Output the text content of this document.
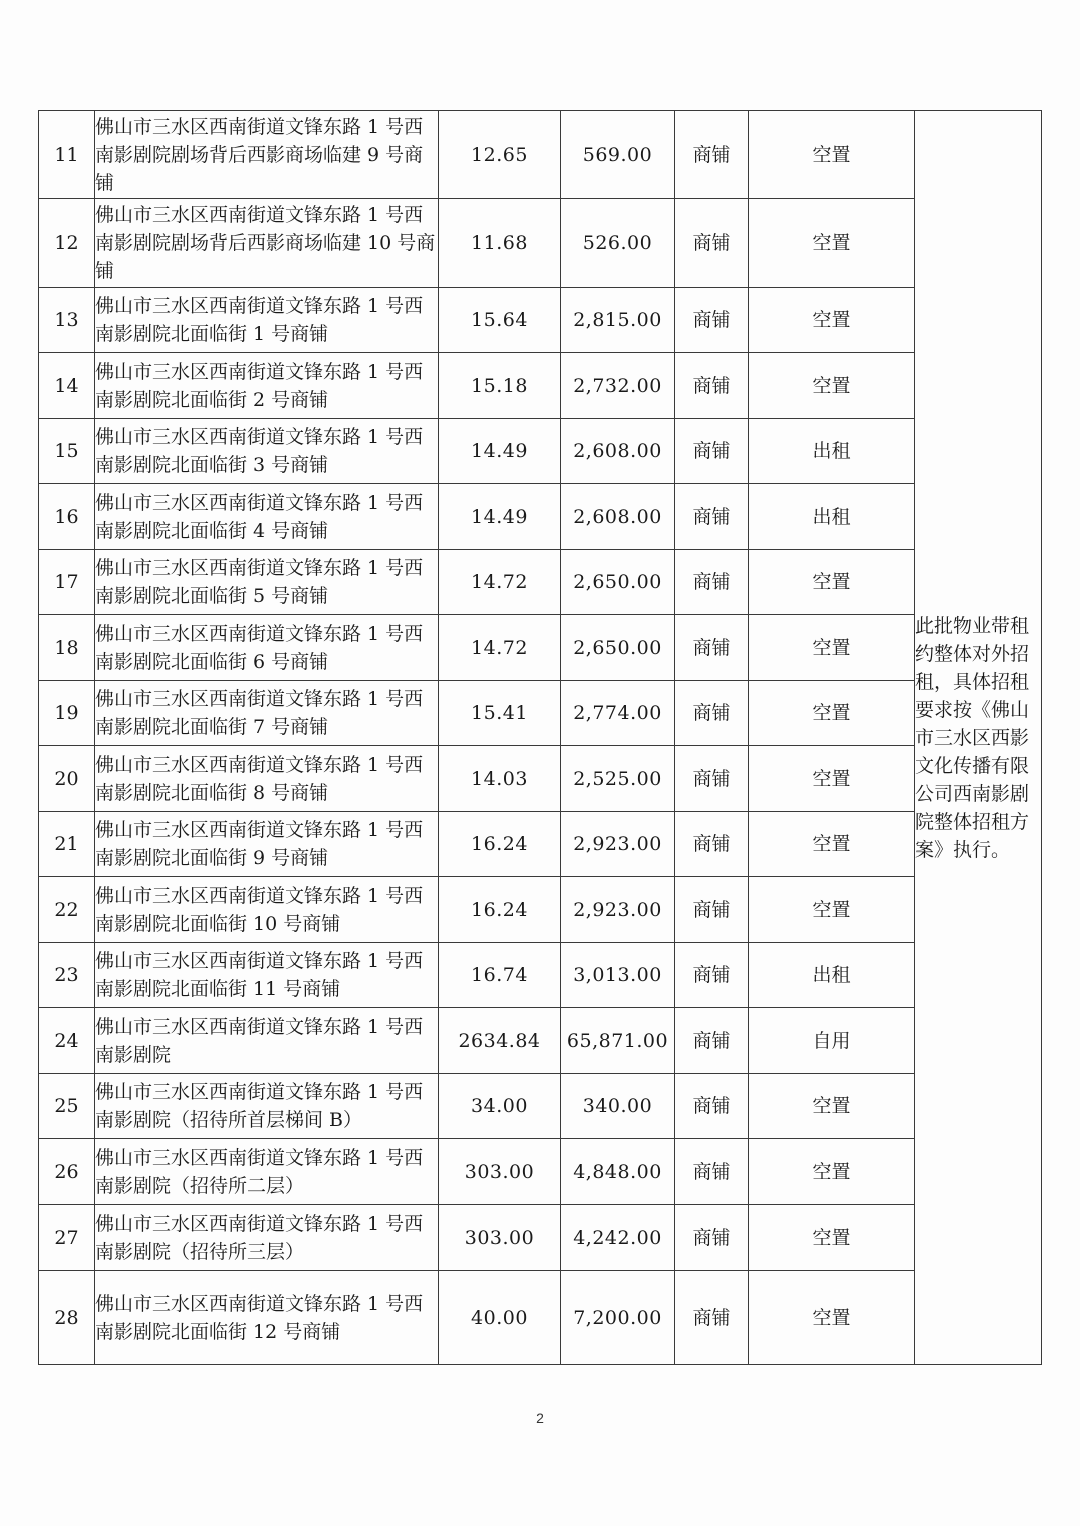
11	佛山市三水区西南街道文锋东路 1 号西南影剧院剧场背后西影商场临建 9 号商铺	12.65	569.00	商铺	空置	此批物业带租约整体对外招租，具体招租要求按《佛山市三水区西影文化传播有限公司西南影剧院整体招租方案》执行。

12	佛山市三水区西南街道文锋东路 1 号西南影剧院剧场背后西影商场临建 10 号商铺	11.68	526.00	商铺	空置	
13	佛山市三水区西南街道文锋东路 1 号西南影剧院北面临街 1 号商铺	15.64	2,815.00	商铺	空置	
14	佛山市三水区西南街道文锋东路 1 号西南影剧院北面临街 2 号商铺	15.18	2,732.00	商铺	空置	
15	佛山市三水区西南街道文锋东路 1 号西南影剧院北面临街 3 号商铺	14.49	2,608.00	商铺	出租	
16	佛山市三水区西南街道文锋东路 1 号西南影剧院北面临街 4 号商铺	14.49	2,608.00	商铺	出租	
17	佛山市三水区西南街道文锋东路 1 号西南影剧院北面临街 5 号商铺	14.72	2,650.00	商铺	空置	
18	佛山市三水区西南街道文锋东路 1 号西南影剧院北面临街 6 号商铺	14.72	2,650.00	商铺	空置	
19	佛山市三水区西南街道文锋东路 1 号西南影剧院北面临街 7 号商铺	15.41	2,774.00	商铺	空置	
20	佛山市三水区西南街道文锋东路 1 号西南影剧院北面临街 8 号商铺	14.03	2,525.00	商铺	空置	
21	佛山市三水区西南街道文锋东路 1 号西南影剧院北面临街 9 号商铺	16.24	2,923.00	商铺	空置	
22	佛山市三水区西南街道文锋东路 1 号西南影剧院北面临街 10 号商铺	16.24	2,923.00	商铺	空置	
23	佛山市三水区西南街道文锋东路 1 号西南影剧院北面临街 11 号商铺	16.74	3,013.00	商铺	出租	
24	佛山市三水区西南街道文锋东路 1 号西南影剧院	2634.84	65,871.00	商铺	自用	
25	佛山市三水区西南街道文锋东路 1 号西南影剧院（招待所首层梯间 B）	34.00	340.00	商铺	空置	
26	佛山市三水区西南街道文锋东路 1 号西南影剧院（招待所二层）	303.00	4,848.00	商铺	空置	
27	佛山市三水区西南街道文锋东路 1 号西南影剧院（招待所三层）	303.00	4,242.00	商铺	空置	
28	佛山市三水区西南街道文锋东路 1 号西南影剧院北面临街 12 号商铺	40.00	7,200.00	商铺	空置	
2
